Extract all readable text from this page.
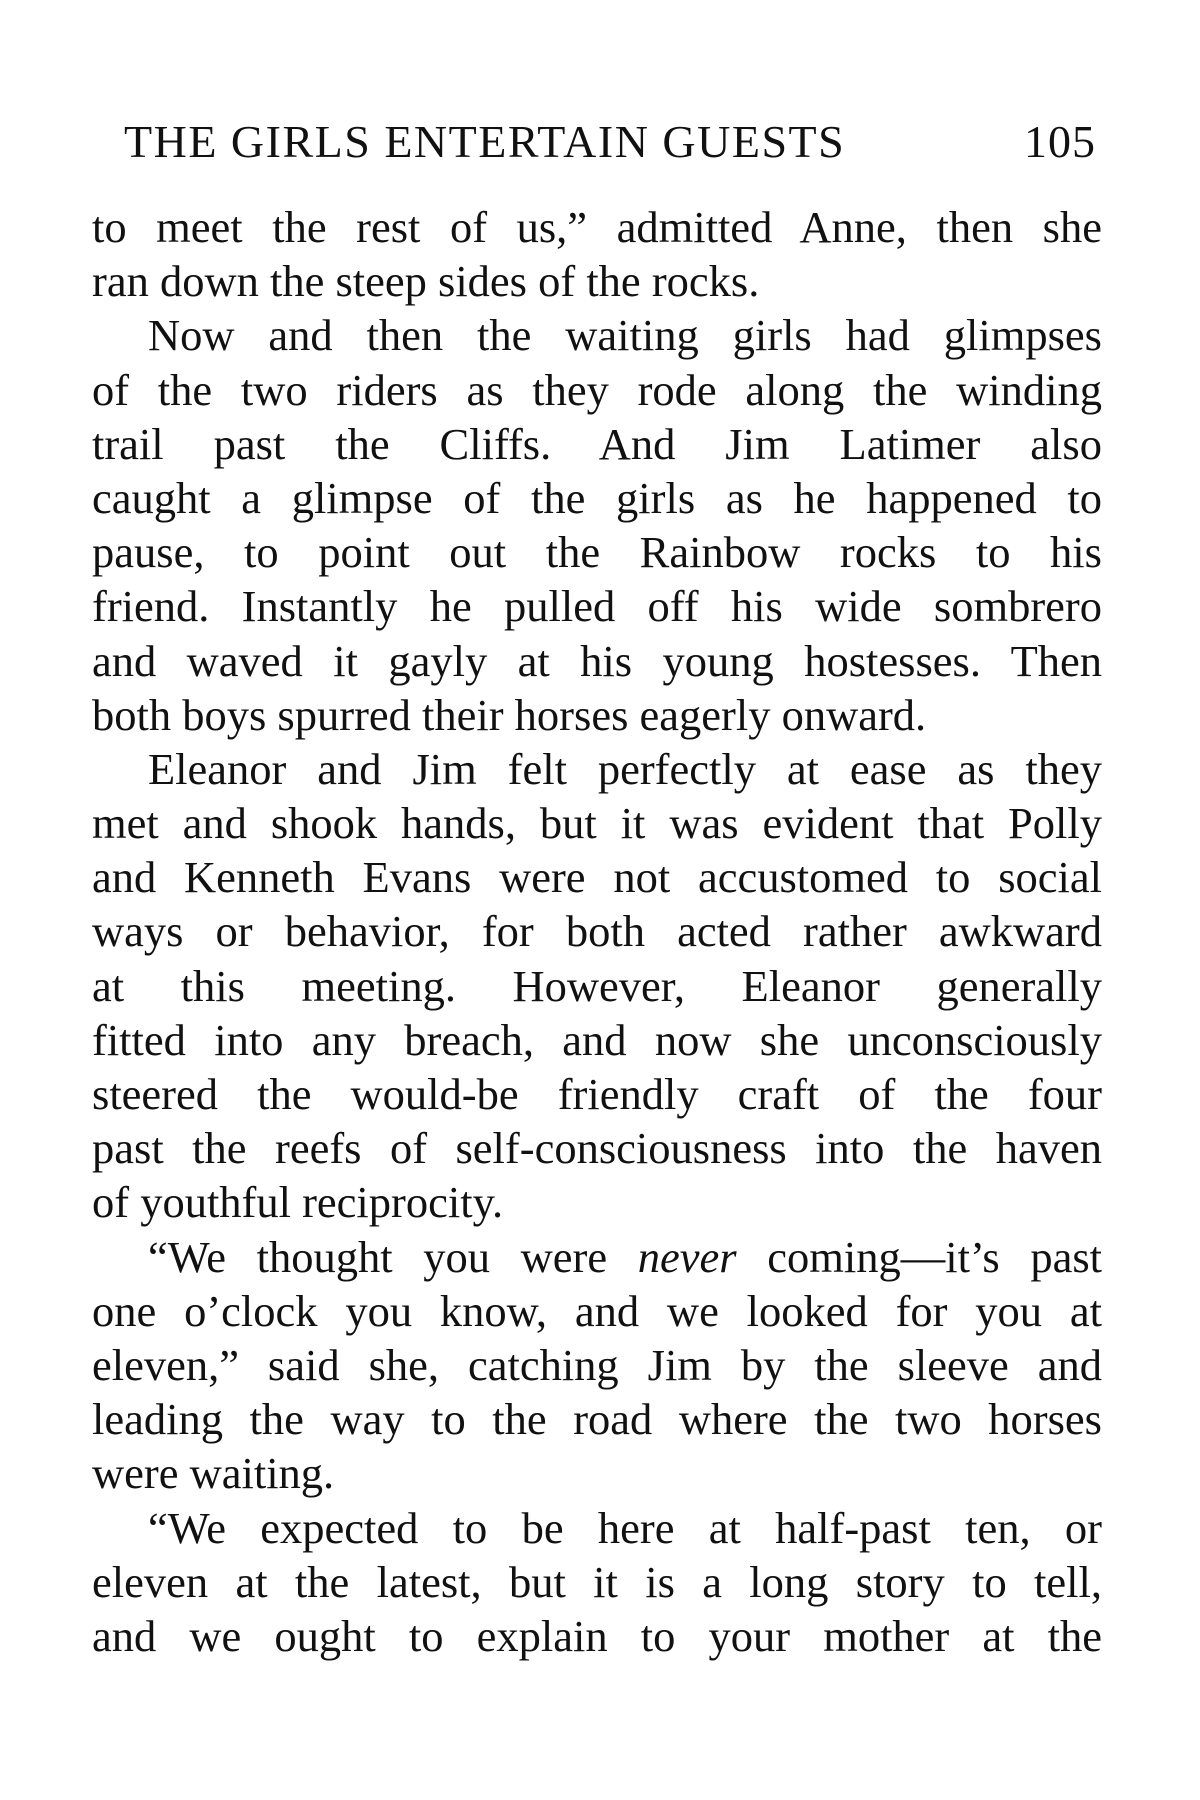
THE GIRLS ENTERTAIN GUESTS	105
to meet the rest of us,” admitted Anne, then she
ran down the steep sides of the rocks.
Now and then the waiting girls had glimpses
of the two riders as they rode along the winding
trail past the Cliffs. And Jim Latimer also
caught a glimpse of the girls as he happened to
pause, to point out the Rainbow rocks to his
friend. Instantly he pulled off his wide sombrero
and waved it gayly at his young hostesses. Then
both boys spurred their horses eagerly onward.
Eleanor and Jim felt perfectly at ease as they
met and shook hands, but it was evident that Polly
and Kenneth Evans were not accustomed to social
ways or behavior, for both acted rather awkward
at this meeting. However, Eleanor generally
fitted into any breach, and now she unconsciously
steered the would-be friendly craft of the four
past the reefs of self-consciousness into the haven
of youthful reciprocity.
“We thought you were never coming—it’s past
one o’clock you know, and we looked for you at
eleven,” said she, catching Jim by the sleeve and
leading the way to the road where the two horses
were waiting.
“We expected to be here at half-past ten, or
eleven at the latest, but it is a long story to tell,
and we ought to explain to your mother at the
